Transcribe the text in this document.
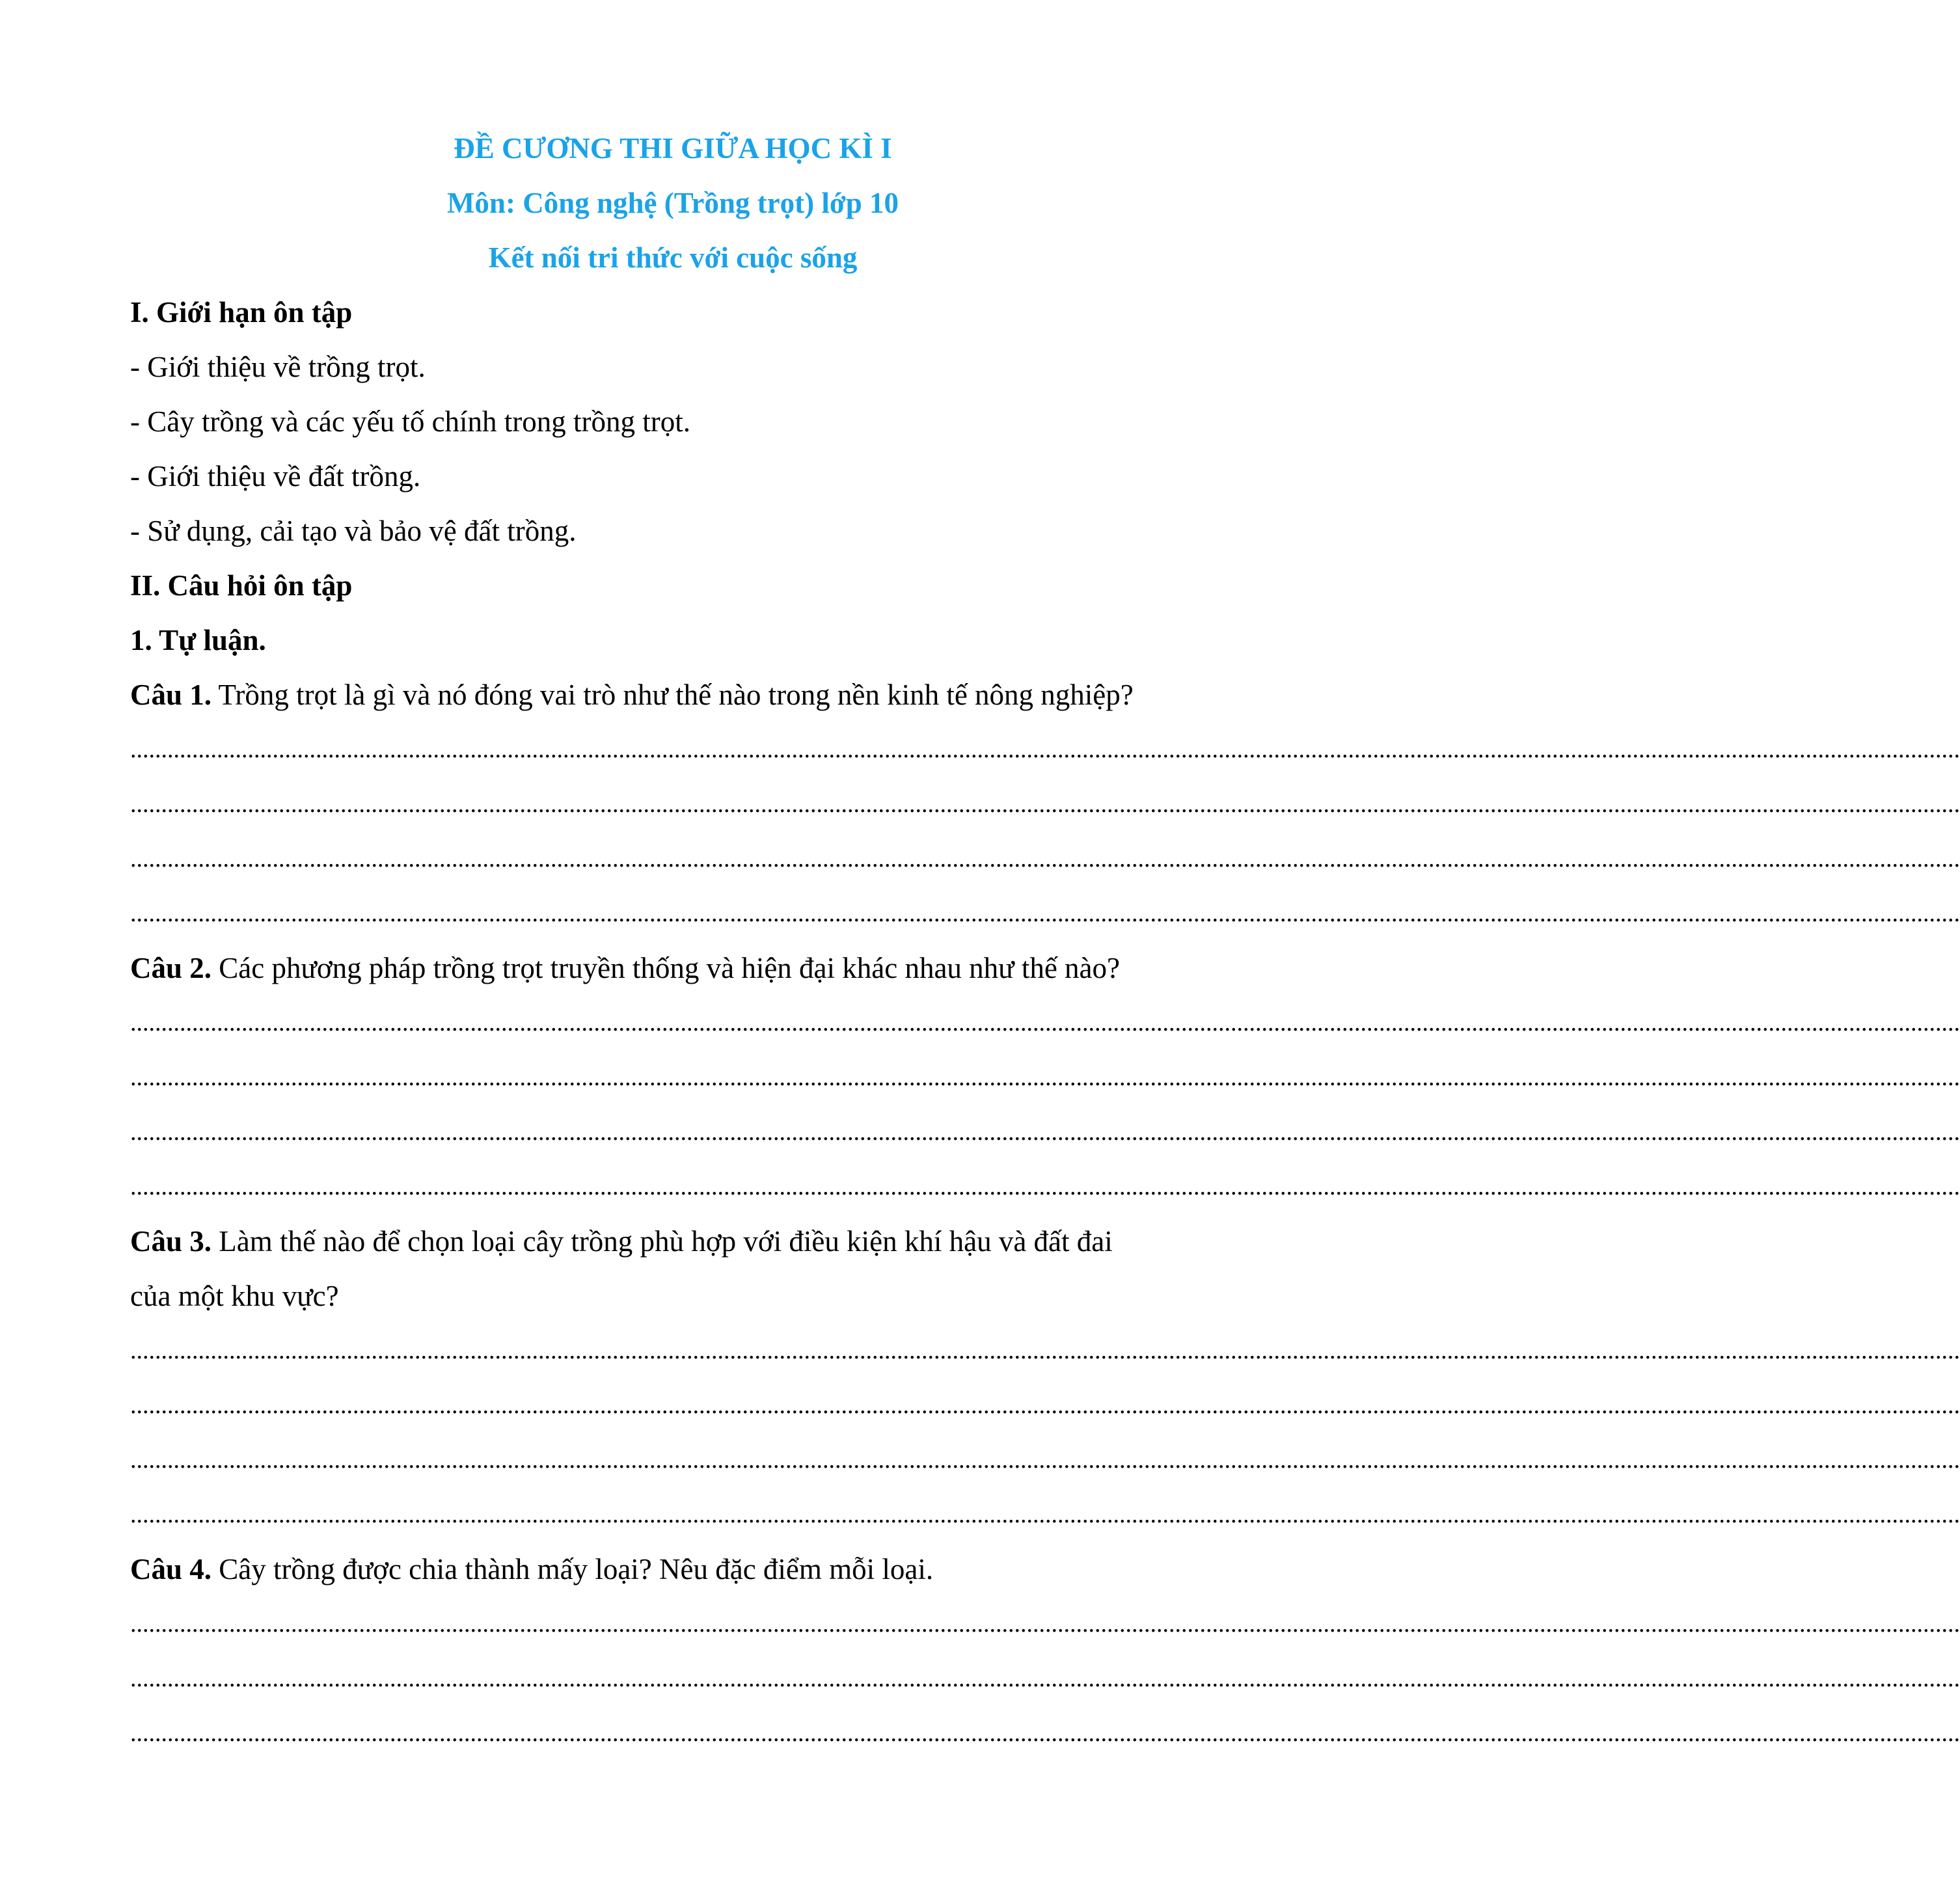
ĐỀ CƯƠNG THI GIỮA HỌC KÌ I
Môn: Công nghệ (Trồng trọt) lớp 10
Kết nối tri thức với cuộc sống
I. Giới hạn ôn tập
- Giới thiệu về trồng trọt.
- Cây trồng và các yếu tố chính trong trồng trọt.
- Giới thiệu về đất trồng.
- Sử dụng, cải tạo và bảo vệ đất trồng.
II. Câu hỏi ôn tập
1. Tự luận.
Câu 1. Trồng trọt là gì và nó đóng vai trò như thế nào trong nền kinh tế nông nghiệp?
........................................................................................................................................................................................................................................................................................................
........................................................................................................................................................................................................................................................................................................
........................................................................................................................................................................................................................................................................................................
........................................................................................................................................................................................................................................................................................................
Câu 2. Các phương pháp trồng trọt truyền thống và hiện đại khác nhau như thế nào?
........................................................................................................................................................................................................................................................................................................
........................................................................................................................................................................................................................................................................................................
........................................................................................................................................................................................................................................................................................................
........................................................................................................................................................................................................................................................................................................
Câu 3. Làm thế nào để chọn loại cây trồng phù hợp với điều kiện khí hậu và đất đai
của một khu vực?
........................................................................................................................................................................................................................................................................................................
........................................................................................................................................................................................................................................................................................................
........................................................................................................................................................................................................................................................................................................
........................................................................................................................................................................................................................................................................................................
Câu 4. Cây trồng được chia thành mấy loại? Nêu đặc điểm mỗi loại.
........................................................................................................................................................................................................................................................................................................
........................................................................................................................................................................................................................................................................................................
........................................................................................................................................................................................................................................................................................................
